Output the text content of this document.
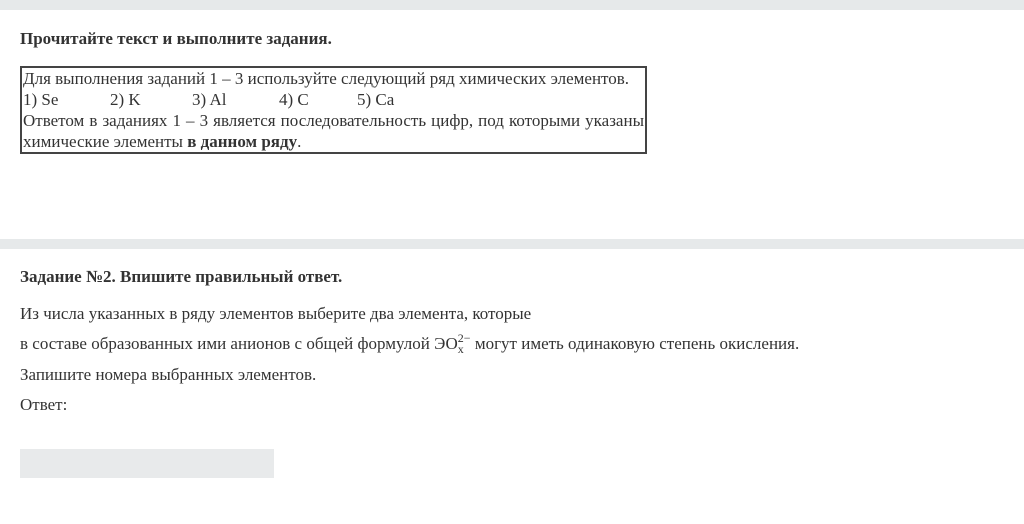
Прочитайте текст и выполните задания.
Для выполнения заданий 1 – 3 используйте следующий ряд химических элементов.
1) Se	2) K	3) Al	4) C	5) Ca
Ответом в заданиях 1 – 3 является последовательность цифр, под которыми указаны химические элементы в данном ряду.
Задание №2. Впишите правильный ответ.
Из числа указанных в ряду элементов выберите два элемента, которые
в составе образованных ими анионов с общей формулой $ЭО_x^{2-}$ могут иметь одинаковую степень окисления.
Запишите номера выбранных элементов.
Ответ:
